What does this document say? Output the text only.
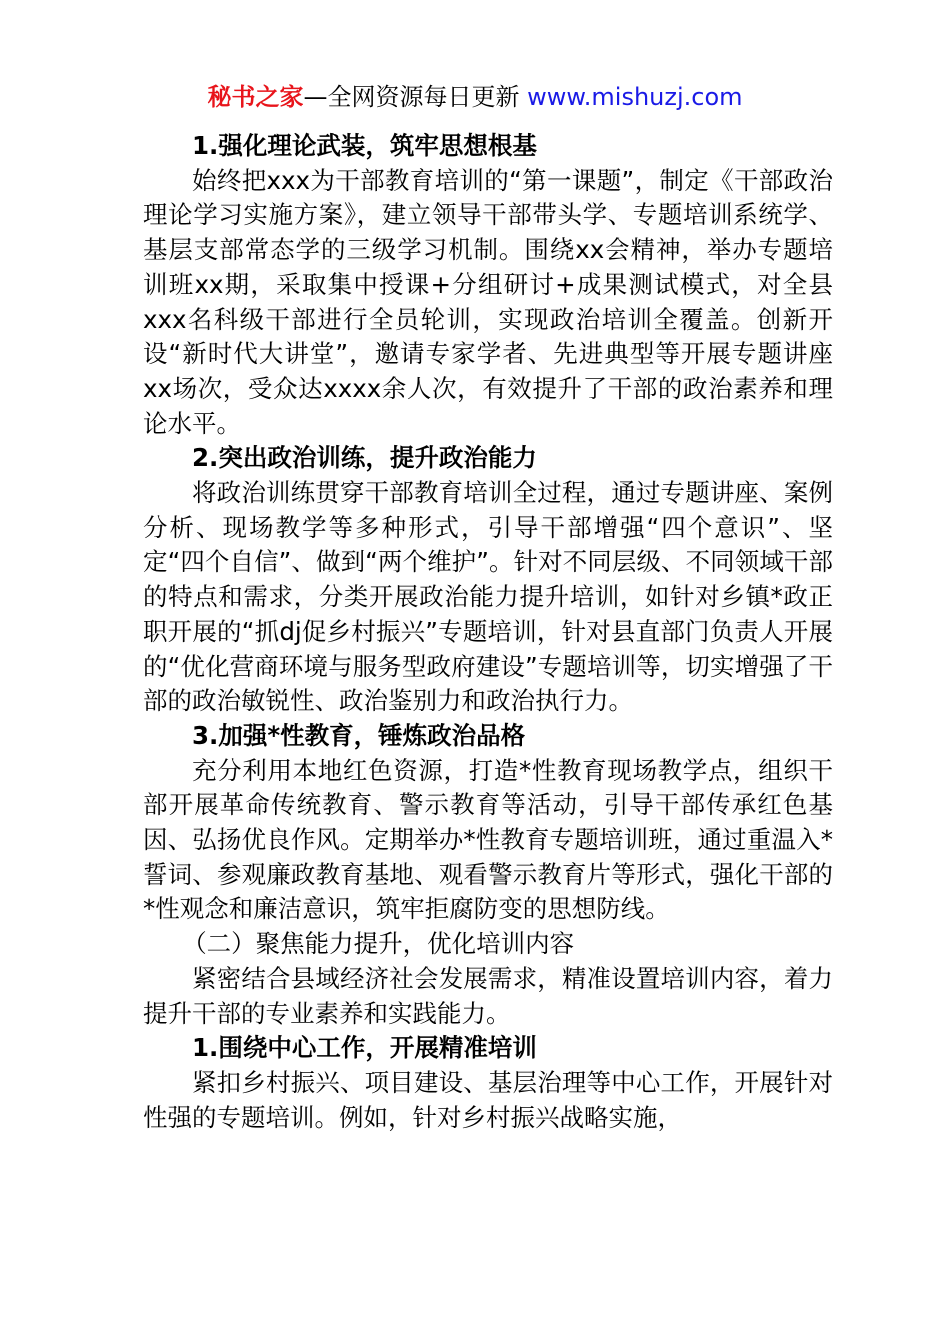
秘书之家—全网资源每日更新 www.mishuzj.com
1.强化理论武装，筑牢思想根基

始终把xxx为干部教育培训的“第一课题”，制定《干部政治理论学习实施方案》，建立领导干部带头学、专题培训系统学、基层支部常态学的三级学习机制。围绕xx会精神，举办专题培训班xx期，采取集中授课+分组研讨+成果测试模式，对全县xxx名科级干部进行全员轮训，实现政治培训全覆盖。创新开设“新时代大讲堂”，邀请专家学者、先进典型等开展专题讲座xx场次，受众达xxxx余人次，有效提升了干部的政治素养和理论水平。

2.突出政治训练，提升政治能力

将政治训练贯穿干部教育培训全过程，通过专题讲座、案例分析、现场教学等多种形式，引导干部增强“四个意识”、坚定“四个自信”、做到“两个维护”。针对不同层级、不同领域干部的特点和需求，分类开展政治能力提升培训，如针对乡镇*政正职开展的“抓dj促乡村振兴”专题培训，针对县直部门负责人开展的“优化营商环境与服务型政府建设”专题培训等，切实增强了干部的政治敏锐性、政治鉴别力和政治执行力。

3.加强*性教育，锤炼政治品格

充分利用本地红色资源，打造*性教育现场教学点，组织干部开展革命传统教育、警示教育等活动，引导干部传承红色基因、弘扬优良作风。定期举办*性教育专题培训班，通过重温入*誓词、参观廉政教育基地、观看警示教育片等形式，强化干部的*性观念和廉洁意识，筑牢拒腐防变的思想防线。

（二）聚焦能力提升，优化培训内容

紧密结合县域经济社会发展需求，精准设置培训内容，着力提升干部的专业素养和实践能力。

1.围绕中心工作，开展精准培训

紧扣乡村振兴、项目建设、基层治理等中心工作，开展针对性强的专题培训。例如，针对乡村振兴战略实施，
